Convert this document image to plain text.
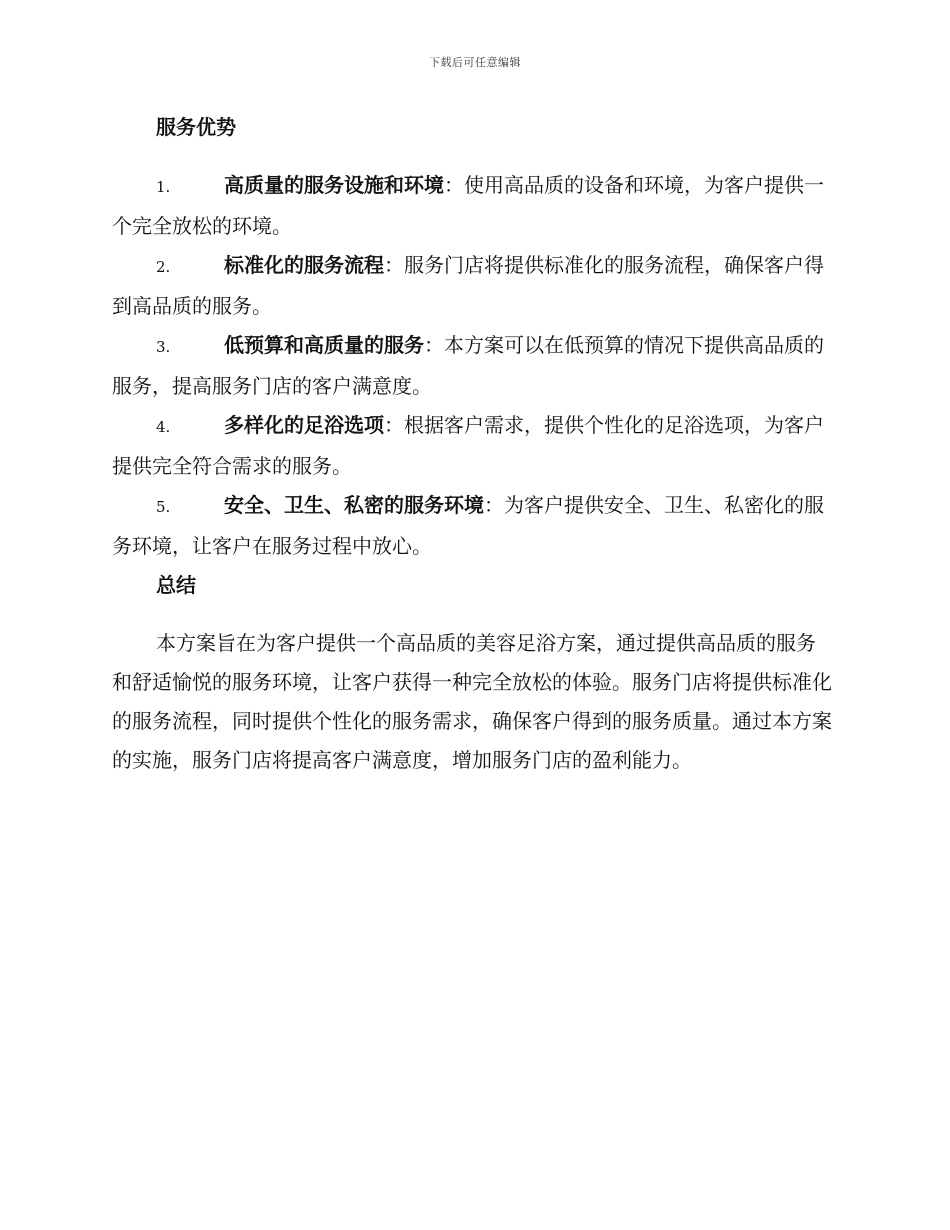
下载后可任意编辑
服务优势

1.	高质量的服务设施和环境：使用高品质的设备和环境，为客户提供一个完全放松的环境。

2.	标准化的服务流程：服务门店将提供标准化的服务流程，确保客户得到高品质的服务。

3.	低预算和高质量的服务：本方案可以在低预算的情况下提供高品质的服务，提高服务门店的客户满意度。

4.	多样化的足浴选项：根据客户需求，提供个性化的足浴选项，为客户提供完全符合需求的服务。

5.	安全、卫生、私密的服务环境：为客户提供安全、卫生、私密化的服务环境，让客户在服务过程中放心。

总结

本方案旨在为客户提供一个高品质的美容足浴方案，通过提供高品质的服务和舒适愉悦的服务环境，让客户获得一种完全放松的体验。服务门店将提供标准化的服务流程，同时提供个性化的服务需求，确保客户得到的服务质量。通过本方案的实施，服务门店将提高客户满意度，增加服务门店的盈利能力。
